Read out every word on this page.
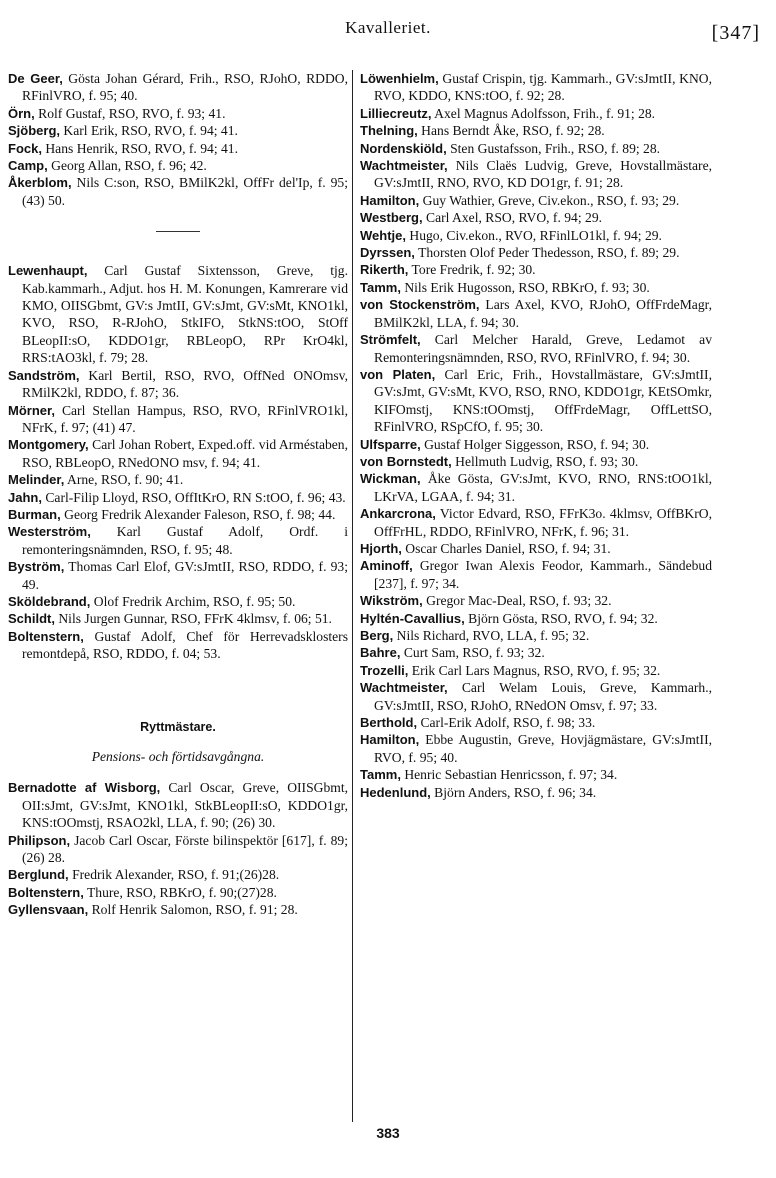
Kavalleriet.	[347]
De Geer, Gösta Johan Gérard, Frih., RSO, RJohO, RDDO, RFinlVRO, f. 95; 40.
Örn, Rolf Gustaf, RSO, RVO, f. 93; 41.
Sjöberg, Karl Erik, RSO, RVO, f. 94; 41.
Fock, Hans Henrik, RSO, RVO, f. 94; 41.
Camp, Georg Allan, RSO, f. 96; 42.
Åkerblom, Nils C:son, RSO, BMilK2kl, OffFr del'Ip, f. 95; (43) 50.
Lewenhaupt, Carl Gustaf Sixtensson, Greve, tjg. Kab.kammarh., Adjut. hos H. M. Konungen, Kamrerare vid KMO, OIISGbmt, GV:s JmtII, GV:sJmt, GV:sMt, KNO1kl, KVO, RSO, R-RJohO, StkIFO, StkNS:tOO, StOff BLeopII:sO, KDDO1gr, RBLeopO, RPr KrO4kl, RRS:tAO3kl, f. 79; 28.
Sandström, Karl Bertil, RSO, RVO, OffNed ONOmsv, RMilK2kl, RDDO, f. 87; 36.
Mörner, Carl Stellan Hampus, RSO, RVO, RFinlVRO1kl, NFrK, f. 97; (41) 47.
Montgomery, Carl Johan Robert, Exped.off. vid Arméstaben, RSO, RBLeopO, RNedONO msv, f. 94; 41.
Melinder, Arne, RSO, f. 90; 41.
Jahn, Carl-Filip Lloyd, RSO, OffItKrO, RN S:tOO, f. 96; 43.
Burman, Georg Fredrik Alexander Faleson, RSO, f. 98; 44.
Westerström, Karl Gustaf Adolf, Ordf. i remonteringsnämnden, RSO, f. 95; 48.
Byström, Thomas Carl Elof, GV:sJmtII, RSO, RDDO, f. 93; 49.
Sköldebrand, Olof Fredrik Archim, RSO, f. 95; 50.
Schildt, Nils Jurgen Gunnar, RSO, FFrK 4klmsv, f. 06; 51.
Boltenstern, Gustaf Adolf, Chef för Herrevadsklosters remontdepå, RSO, RDDO, f. 04; 53.
Ryttmästare.
Pensions- och förtidsavgångna.
Bernadotte af Wisborg, Carl Oscar, Greve, OIISGbmt, OII:sJmt, GV:sJmt, KNO1kl, StkBLeopII:sO, KDDO1gr, KNS:tOOmstj, RSAO2kl, LLA, f. 90; (26) 30.
Philipson, Jacob Carl Oscar, Förste bilinspektör [617], f. 89; (26) 28.
Berglund, Fredrik Alexander, RSO, f. 91;(26)28.
Boltenstern, Thure, RSO, RBKrO, f. 90;(27)28.
Gyllensvaan, Rolf Henrik Salomon, RSO, f. 91; 28.
Löwenhielm, Gustaf Crispin, tjg. Kammarh., GV:sJmtII, KNO, RVO, KDDO, KNS:tOO, f. 92; 28.
Lilliecreutz, Axel Magnus Adolfsson, Frih., f. 91; 28.
Thelning, Hans Berndt Åke, RSO, f. 92; 28.
Nordenskiöld, Sten Gustafsson, Frih., RSO, f. 89; 28.
Wachtmeister, Nils Claës Ludvig, Greve, Hovstallmästare, GV:sJmtII, RNO, RVO, KD DO1gr, f. 91; 28.
Hamilton, Guy Wathier, Greve, Civ.ekon., RSO, f. 93; 29.
Westberg, Carl Axel, RSO, RVO, f. 94; 29.
Wehtje, Hugo, Civ.ekon., RVO, RFinlLO1kl, f. 94; 29.
Dyrssen, Thorsten Olof Peder Thedesson, RSO, f. 89; 29.
Rikerth, Tore Fredrik, f. 92; 30.
Tamm, Nils Erik Hugosson, RSO, RBKrO, f. 93; 30.
von Stockenström, Lars Axel, KVO, RJohO, OffFrdeMagr, BMilK2kl, LLA, f. 94; 30.
Strömfelt, Carl Melcher Harald, Greve, Ledamot av Remonteringsnämnden, RSO, RVO, RFinlVRO, f. 94; 30.
von Platen, Carl Eric, Frih., Hovstallmästare, GV:sJmtII, GV:sJmt, GV:sMt, KVO, RSO, RNO, KDDO1gr, KEtSOmkr, KIFOmstj, KNS:tOOmstj, OffFrdeMagr, OffLettSO, RFinlVRO, RSpCfO, f. 95; 30.
Ulfsparre, Gustaf Holger Siggesson, RSO, f. 94; 30.
von Bornstedt, Hellmuth Ludvig, RSO, f. 93; 30.
Wickman, Åke Gösta, GV:sJmt, KVO, RNO, RNS:tOO1kl, LKrVA, LGAA, f. 94; 31.
Ankarcrona, Victor Edvard, RSO, FFrK3o. 4klmsv, OffBKrO, OffFrHL, RDDO, RFinlVRO, NFrK, f. 96; 31.
Hjorth, Oscar Charles Daniel, RSO, f. 94; 31.
Aminoff, Gregor Iwan Alexis Feodor, Kammarh., Sändebud [237], f. 97; 34.
Wikström, Gregor Mac-Deal, RSO, f. 93; 32.
Hyltén-Cavallius, Björn Gösta, RSO, RVO, f. 94; 32.
Berg, Nils Richard, RVO, LLA, f. 95; 32.
Bahre, Curt Sam, RSO, f. 93; 32.
Trozelli, Erik Carl Lars Magnus, RSO, RVO, f. 95; 32.
Wachtmeister, Carl Welam Louis, Greve, Kammarh., GV:sJmtII, RSO, RJohO, RNedON Omsv, f. 97; 33.
Berthold, Carl-Erik Adolf, RSO, f. 98; 33.
Hamilton, Ebbe Augustin, Greve, Hovjägmästare, GV:sJmtII, RVO, f. 95; 40.
Tamm, Henric Sebastian Henricsson, f. 97; 34.
Hedenlund, Björn Anders, RSO, f. 96; 34.
383
